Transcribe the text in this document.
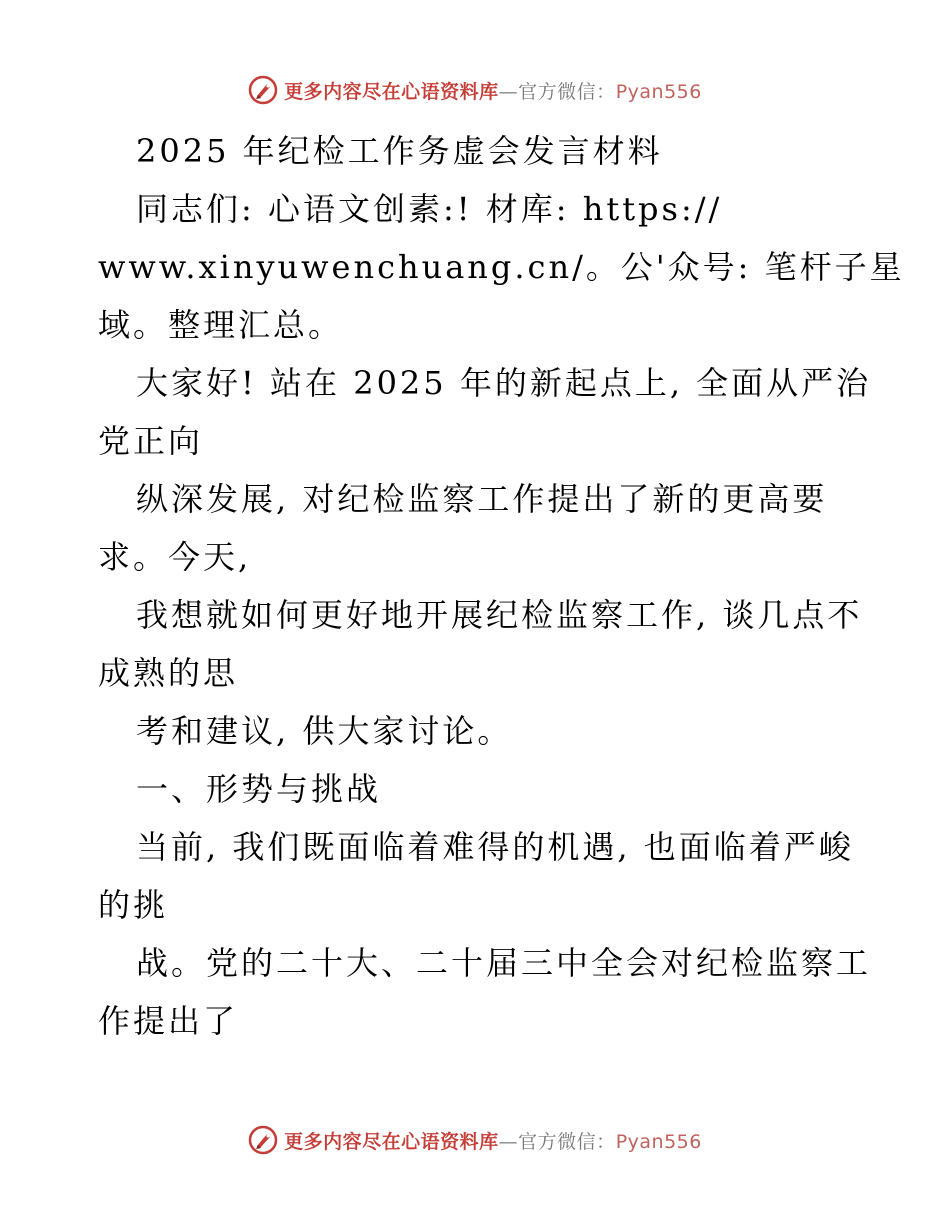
更多内容尽在心语资料库—官方微信：Pyan556
2025 年纪检工作务虚会发言材料
同志们: 心语文创素:! 材库: https://
www.xinyuwenchuang.cn/。公'众号: 笔杆子星
域。整理汇总。
大家好! 站在 2025 年的新起点上, 全面从严治
党正向
纵深发展, 对纪检监察工作提出了新的更高要
求。今天,
我想就如何更好地开展纪检监察工作, 谈几点不
成熟的思
考和建议, 供大家讨论。
一、形势与挑战
当前, 我们既面临着难得的机遇, 也面临着严峻
的挑
战。党的二十大、二十届三中全会对纪检监察工
作提出了
更多内容尽在心语资料库—官方微信：Pyan556
